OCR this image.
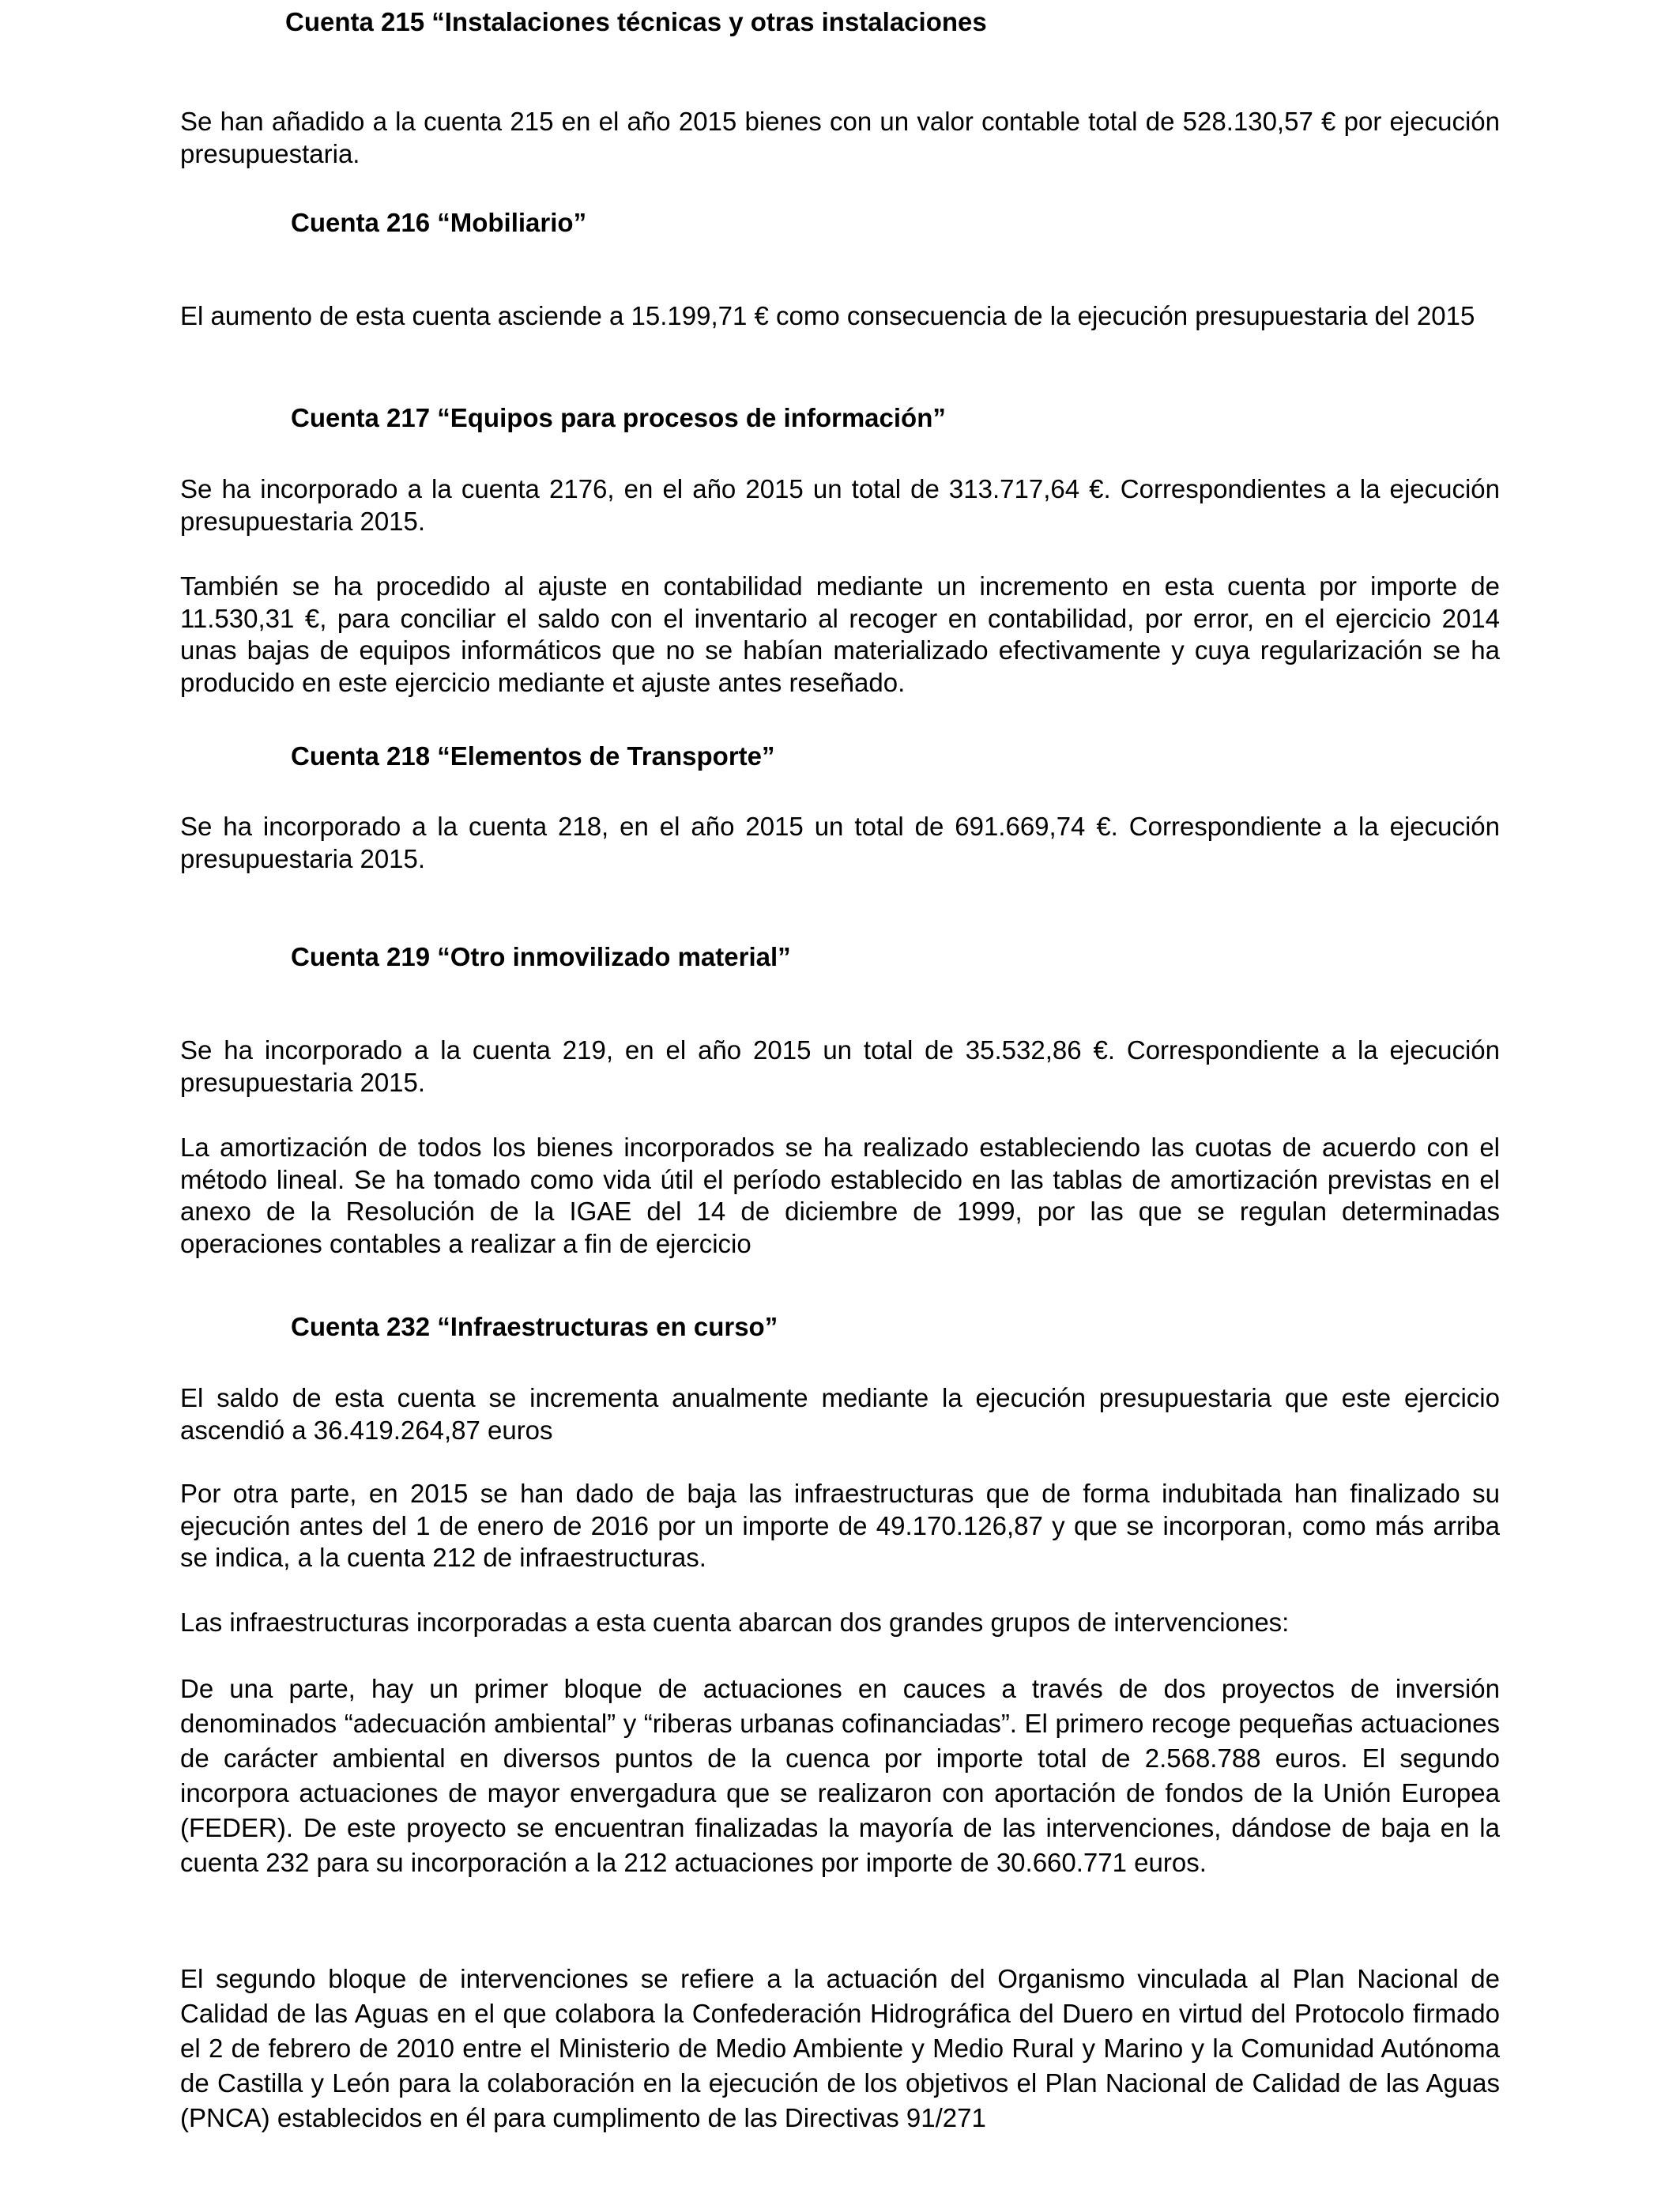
Cuenta 215 “Instalaciones técnicas y otras instalaciones

Se han añadido a la cuenta 215 en el año 2015 bienes con un valor contable total de 528.130,57 € por ejecución presupuestaria.

Cuenta 216 “Mobiliario”

El aumento de esta cuenta asciende a 15.199,71 € como consecuencia de la ejecución presupuestaria del 2015

Cuenta 217 “Equipos para procesos de información”

Se ha incorporado a la cuenta 2176, en el año 2015 un total de 313.717,64 €. Correspondientes a la ejecución presupuestaria 2015.

También se ha procedido al ajuste en contabilidad mediante un incremento en esta cuenta por importe de 11.530,31 €, para conciliar el saldo con el inventario al recoger en contabilidad, por error, en el ejercicio 2014 unas bajas de equipos informáticos que no se habían materializado efectivamente y cuya regularización se ha producido en este ejercicio mediante et ajuste antes reseñado.

Cuenta 218 “Elementos de Transporte”

Se ha incorporado a la cuenta 218, en el año 2015 un total de 691.669,74 €. Correspondiente a la ejecución presupuestaria 2015.

Cuenta 219 “Otro inmovilizado material”

Se ha incorporado a la cuenta 219, en el año 2015 un total de 35.532,86 €. Correspondiente a la ejecución presupuestaria 2015.

La amortización de todos los bienes incorporados se ha realizado estableciendo las cuotas de acuerdo con el método lineal. Se ha tomado como vida útil el período establecido en las tablas de amortización previstas en el anexo de la Resolución de la IGAE del 14 de diciembre de 1999, por las que se regulan determinadas operaciones contables a realizar a fin de ejercicio

Cuenta 232 “Infraestructuras en curso”

El saldo de esta cuenta se incrementa anualmente mediante la ejecución presupuestaria que este ejercicio ascendió a 36.419.264,87 euros

Por otra parte, en 2015 se han dado de baja las infraestructuras que de forma indubitada han finalizado su ejecución antes del 1 de enero de 2016 por un importe de 49.170.126,87 y que se incorporan, como más arriba se indica, a la cuenta 212 de infraestructuras.

Las infraestructuras incorporadas a esta cuenta abarcan dos grandes grupos de intervenciones:

De una parte, hay un primer bloque de actuaciones en cauces a través de dos proyectos de inversión denominados “adecuación ambiental” y “riberas urbanas cofinanciadas”. El primero recoge pequeñas actuaciones de carácter ambiental en diversos puntos de la cuenca por importe total de 2.568.788 euros. El segundo incorpora actuaciones de mayor envergadura que se realizaron con aportación de fondos de la Unión Europea (FEDER). De este proyecto se encuentran finalizadas la mayoría de las intervenciones, dándose de baja en la cuenta 232 para su incorporación a la 212 actuaciones por importe de 30.660.771 euros.

El segundo bloque de intervenciones se refiere a la actuación del Organismo vinculada al Plan Nacional de Calidad de las Aguas en el que colabora la Confederación Hidrográfica del Duero en virtud del Protocolo firmado el 2 de febrero de 2010 entre el Ministerio de Medio Ambiente y Medio Rural y Marino y la Comunidad Autónoma de Castilla y León para la colaboración en la ejecución de los objetivos el Plan Nacional de Calidad de las Aguas (PNCA) establecidos en él para cumplimento de las Directivas 91/271
